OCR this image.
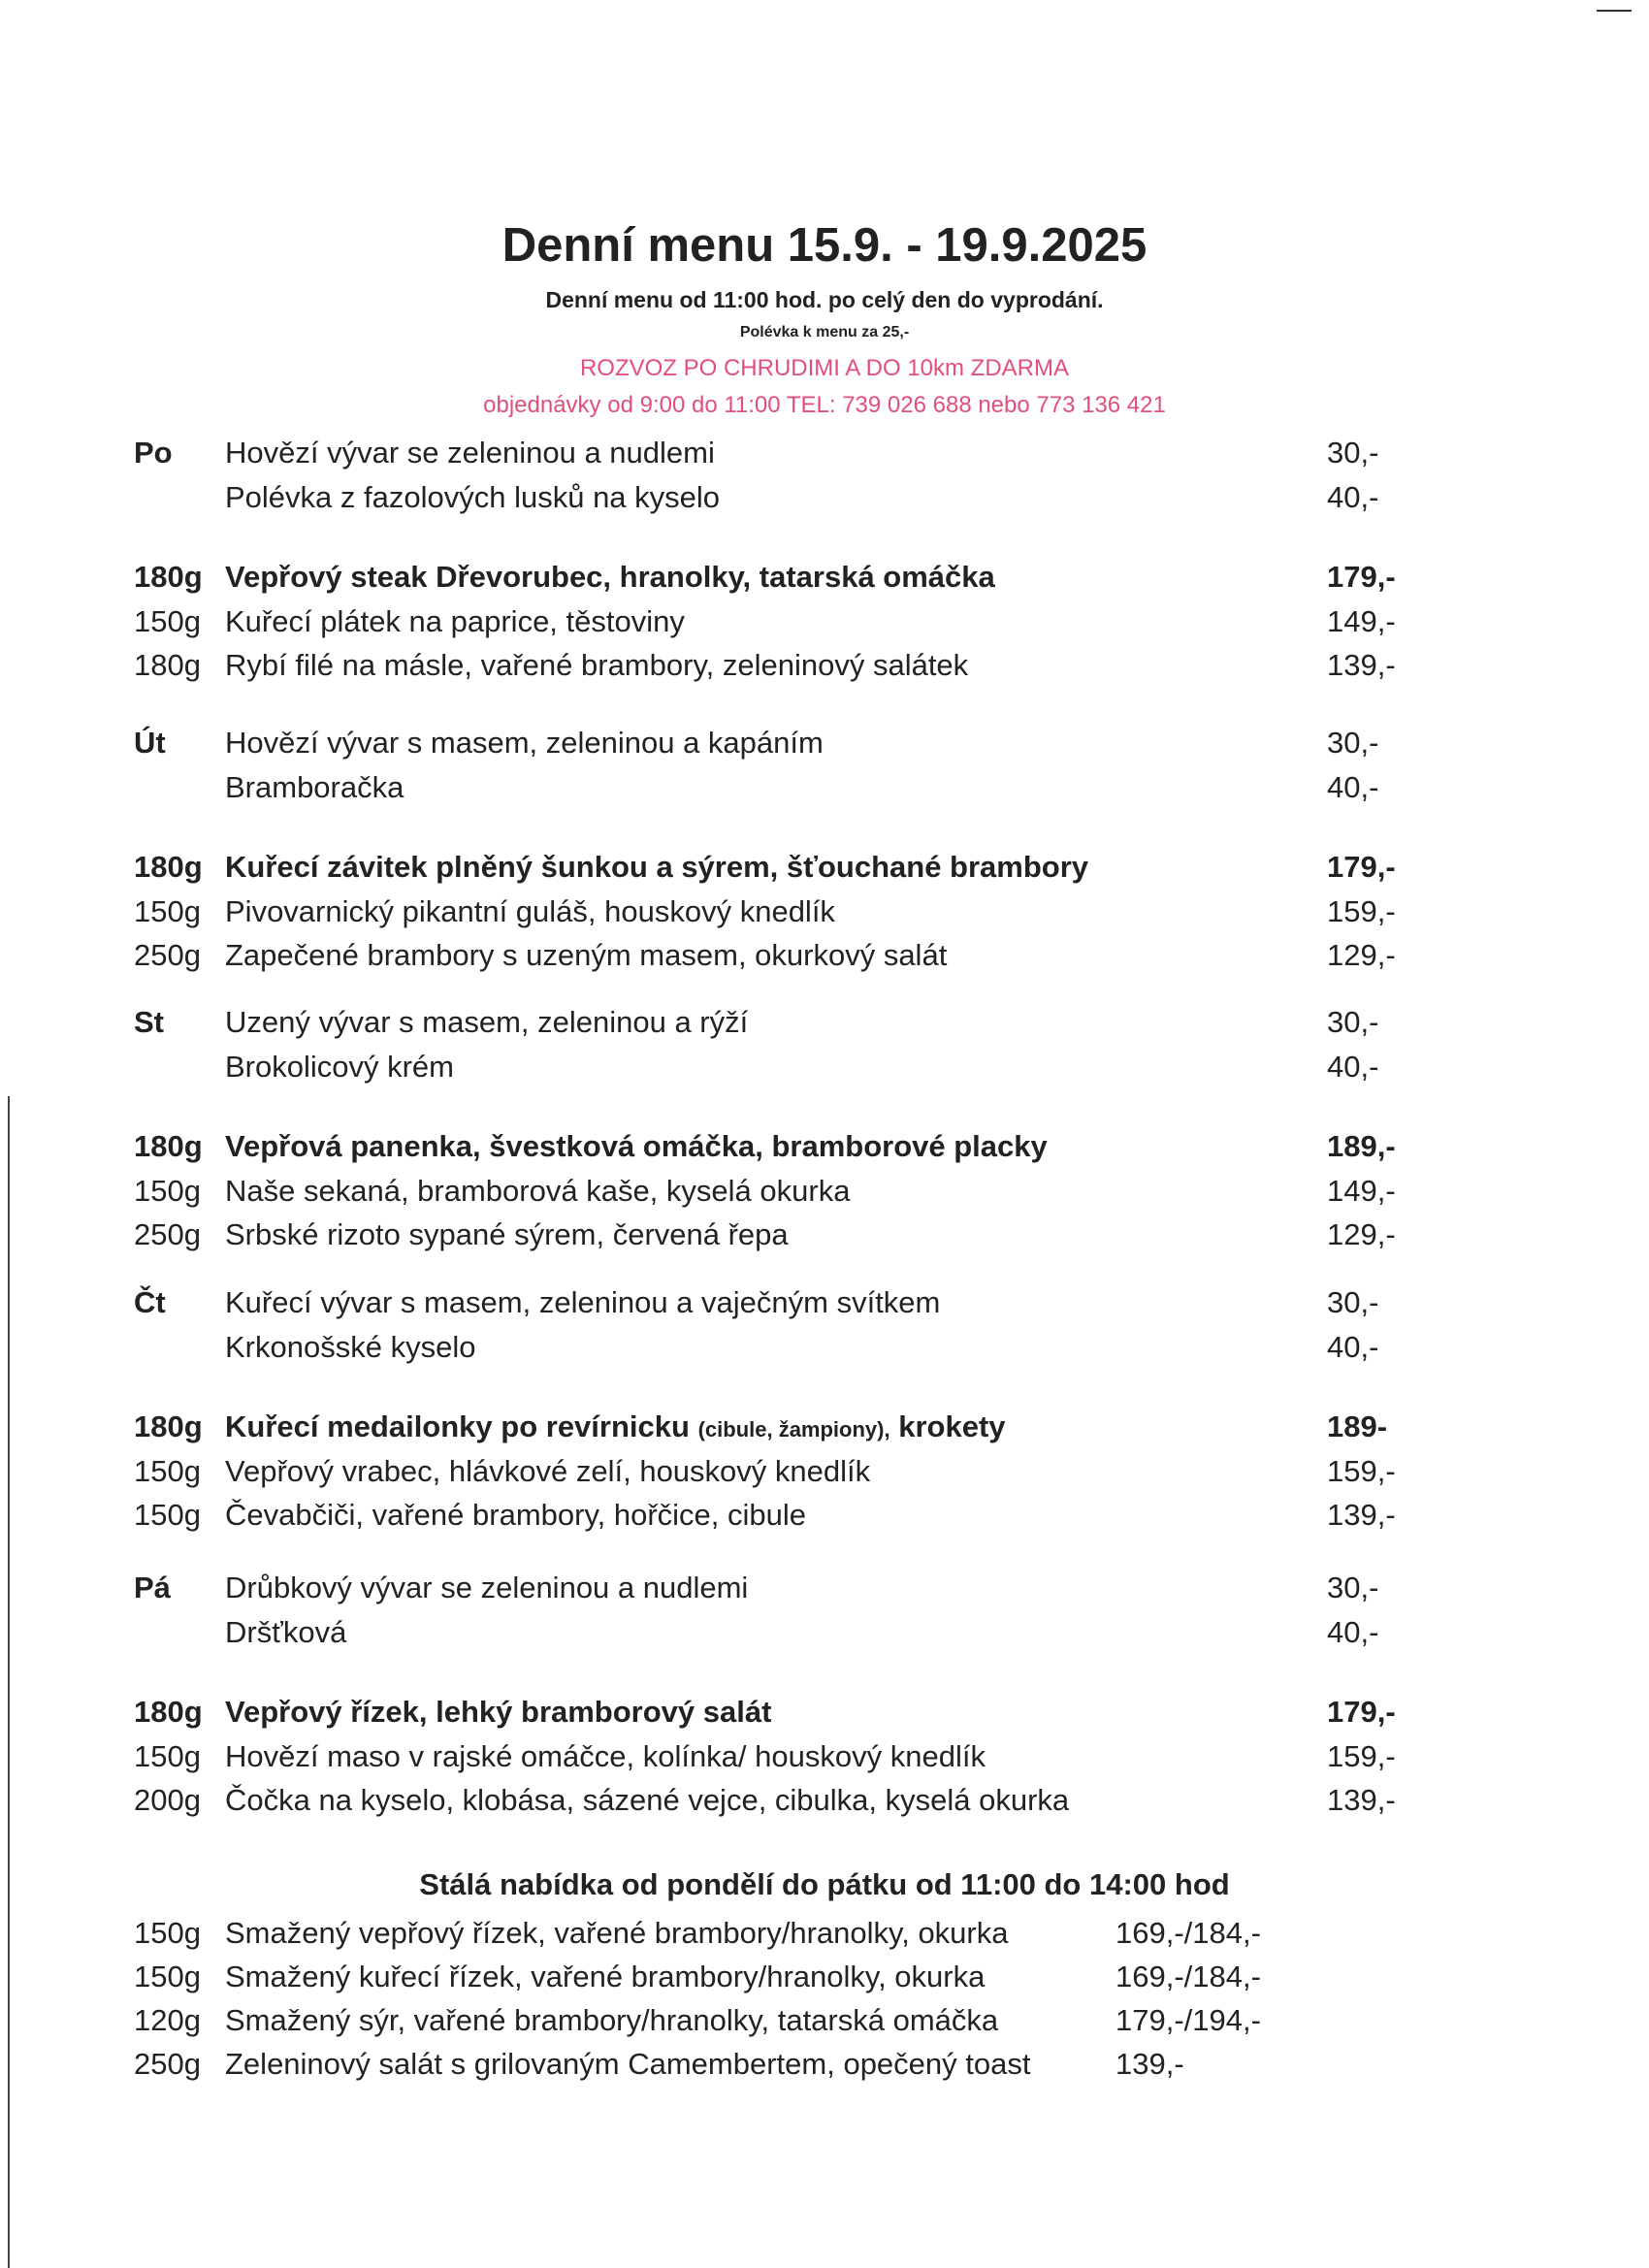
Denní menu 15.9. - 19.9.2025
Denní menu od 11:00 hod. po celý den do vyprodání.
Polévka k menu za 25,-
ROZVOZ PO CHRUDIMI A DO 10km ZDARMA
objednávky od 9:00 do 11:00 TEL: 739 026 688 nebo 773 136 421
Po Hovězí vývar se zeleninou a nudlemi	30,-
Polévka z fazolových lusků na kyselo	40,-
180g Vepřový steak Dřevorubec, hranolky, tatarská omáčka	179,-
150g Kuřecí plátek na paprice, těstoviny	149,-
180g Rybí filé na másle, vařené brambory, zeleninový salátek	139,-
Út Hovězí vývar s masem, zeleninou a kapáním	30,-
Bramboračka	40,-
180g Kuřecí závitek plněný šunkou a sýrem, šťouchané brambory	179,-
150g Pivovarnický pikantní guláš, houskový knedlík	159,-
250g Zapečené brambory s uzeným masem, okurkový salát	129,-
St Uzený vývar s masem, zeleninou a rýží	30,-
Brokolicový krém	40,-
180g Vepřová panenka, švestková omáčka, bramborové placky	189,-
150g Naše sekaná, bramborová kaše, kyselá okurka	149,-
250g Srbské rizoto sypané sýrem, červená řepa	129,-
Čt Kuřecí vývar s masem, zeleninou a vaječným svítkem	30,-
Krkonošské kyselo	40,-
180g Kuřecí medailonky po revírnicku (cibule, žampiony), krokety	189-
150g Vepřový vrabec, hlávkové zelí, houskový knedlík	159,-
150g Čevabčiči, vařené brambory, hořčice, cibule	139,-
Pá Drůbkový vývar se zeleninou a nudlemi	30,-
Dršťková	40,-
180g Vepřový řízek, lehký bramborový salát	179,-
150g Hovězí maso v rajské omáčce, kolínka/ houskový knedlík	159,-
200g Čočka na kyselo, klobása, sázené vejce, cibulka, kyselá okurka	139,-
Stálá nabídka od pondělí do pátku od 11:00 do 14:00 hod
150g Smažený vepřový řízek, vařené brambory/hranolky, okurka	169,-/184,-
150g Smažený kuřecí řízek, vařené brambory/hranolky, okurka	169,-/184,-
120g Smažený sýr, vařené brambory/hranolky, tatarská omáčka	179,-/194,-
250g Zeleninový salát s grilovaným Camembertem, opečený toast	139,-
